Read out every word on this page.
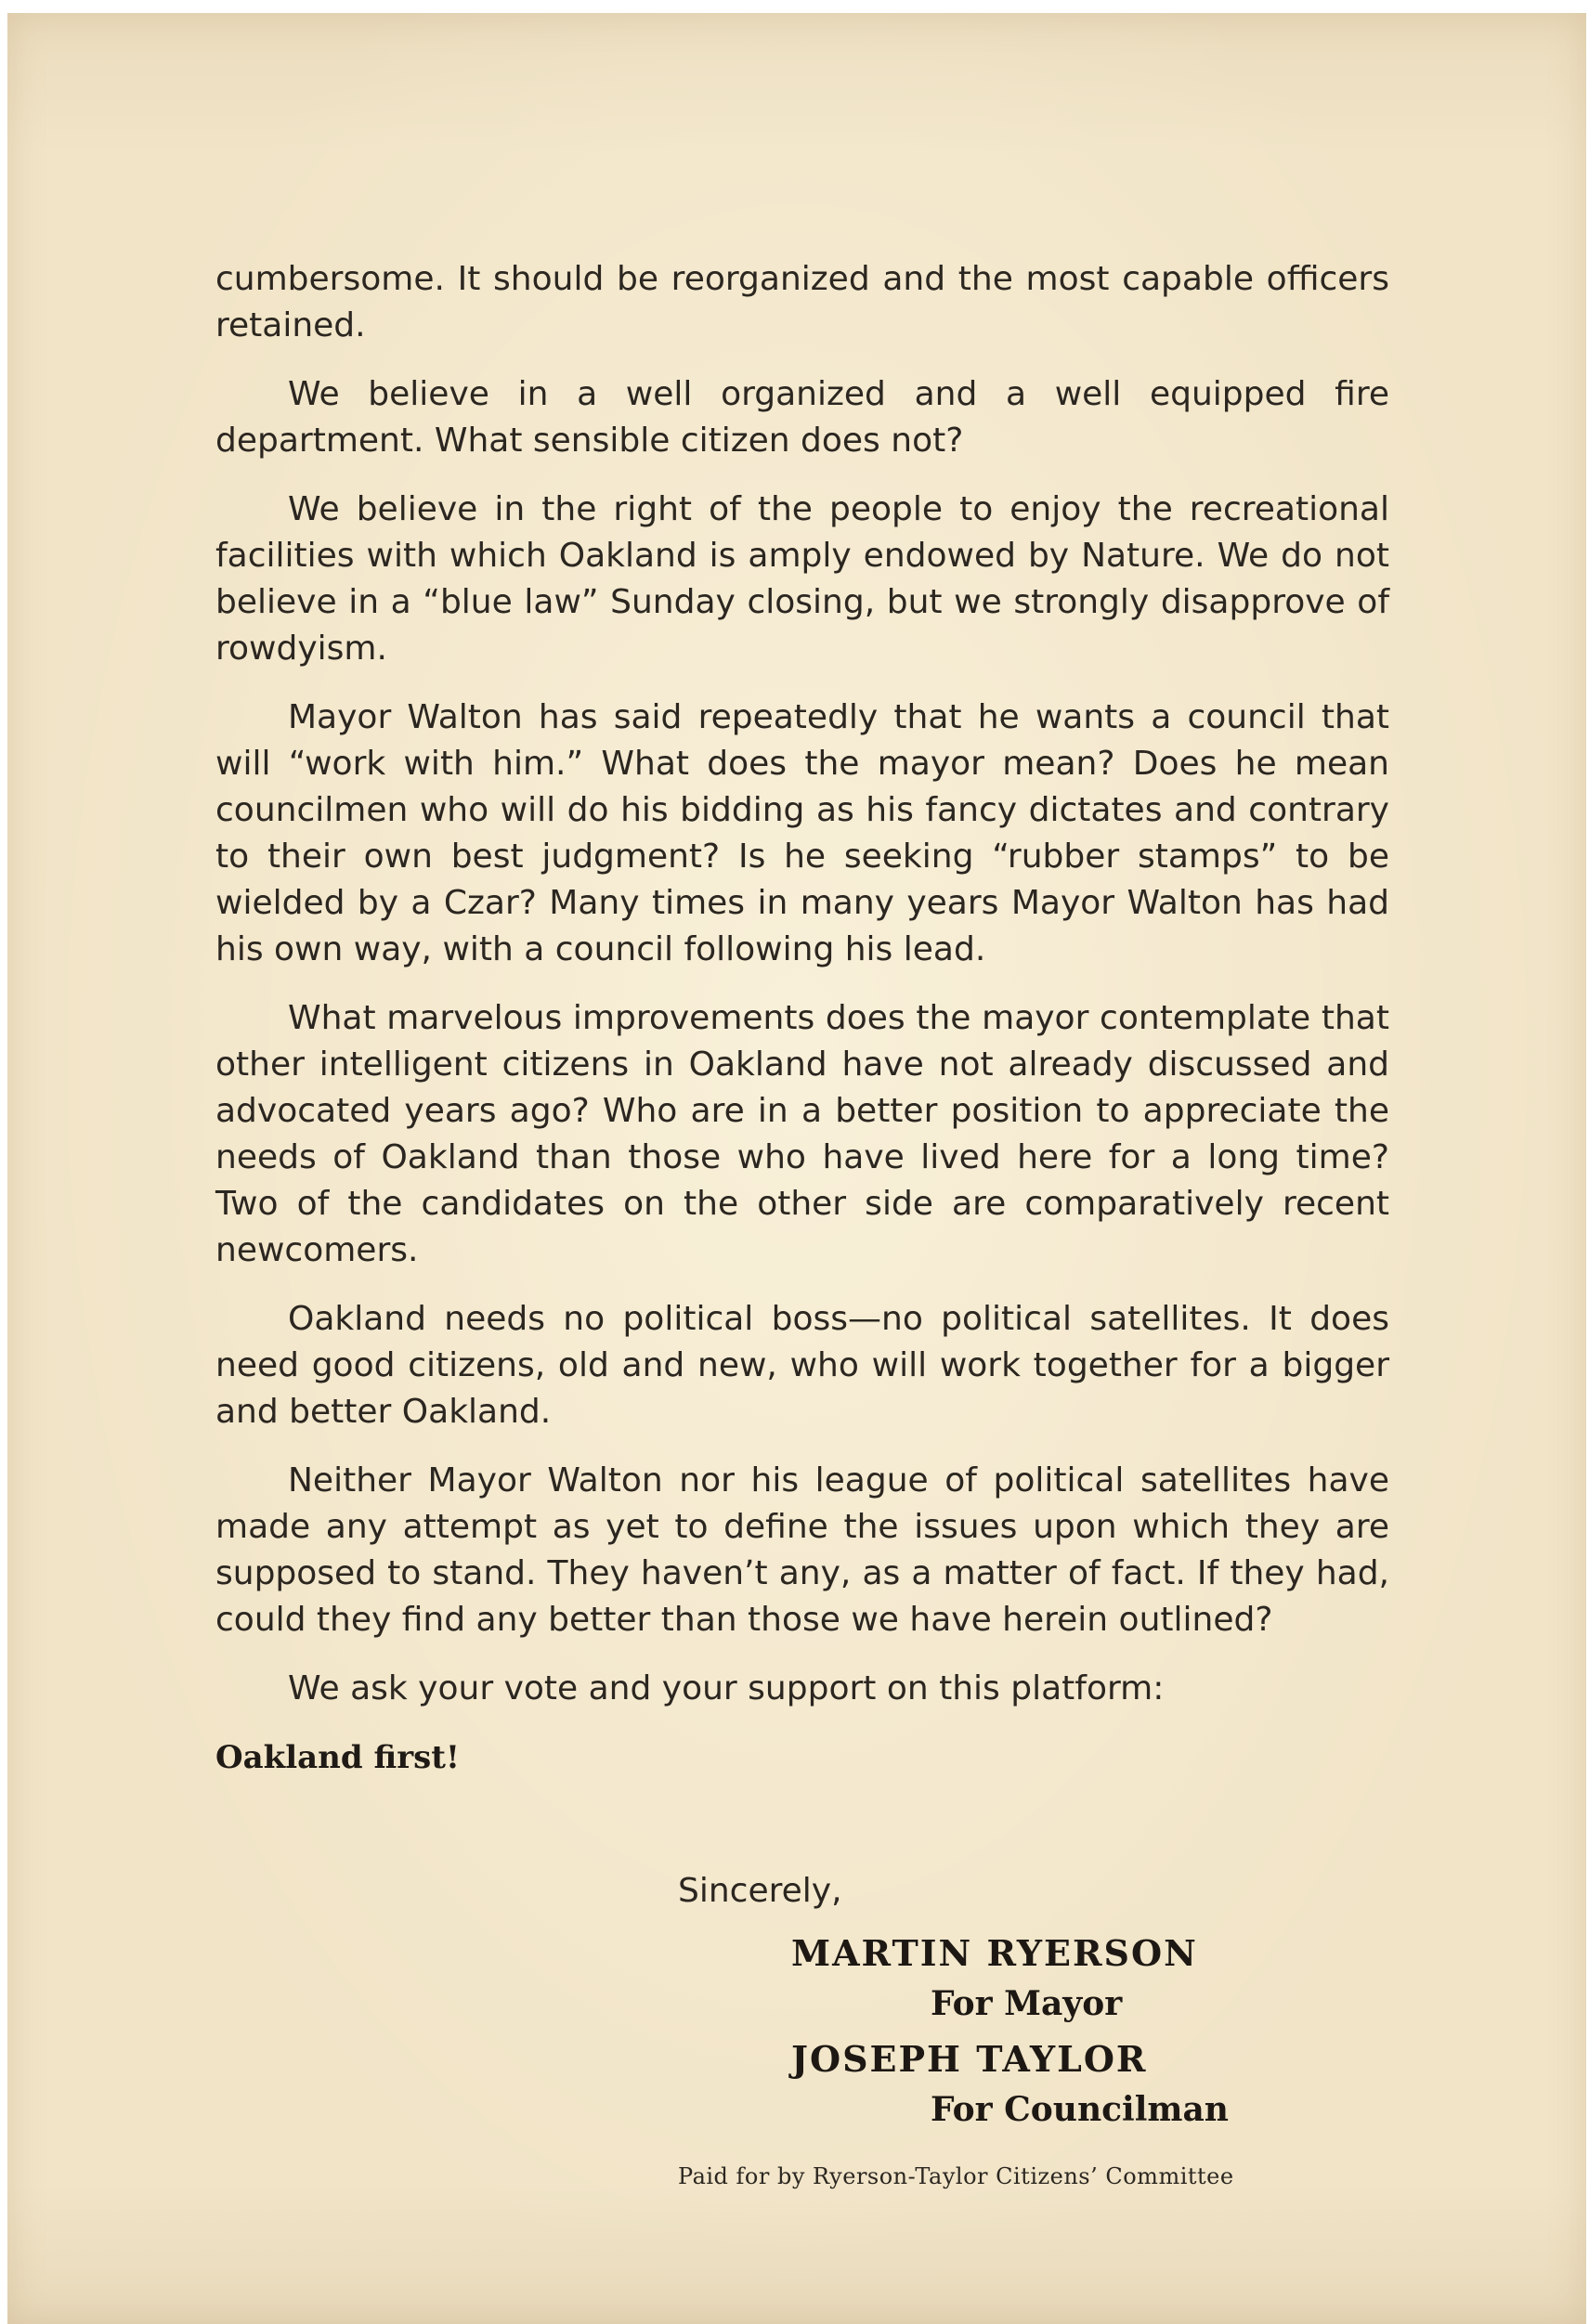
cumbersome. It should be reorganized and the most capable officers retained.

We believe in a well organized and a well equipped fire department. What sensible citizen does not?

We believe in the right of the people to enjoy the recreational facilities with which Oakland is amply endowed by Nature. We do not believe in a “blue law” Sunday closing, but we strongly disapprove of rowdyism.

Mayor Walton has said repeatedly that he wants a council that will “work with him.” What does the mayor mean? Does he mean councilmen who will do his bidding as his fancy dictates and contrary to their own best judgment? Is he seeking “rubber stamps” to be wielded by a Czar? Many times in many years Mayor Walton has had his own way, with a council following his lead.

What marvelous improvements does the mayor contemplate that other intelligent citizens in Oakland have not already discussed and advocated years ago? Who are in a better position to appreciate the needs of Oakland than those who have lived here for a long time? Two of the candidates on the other side are comparatively recent newcomers.

Oakland needs no political boss—no political satellites. It does need good citizens, old and new, who will work together for a bigger and better Oakland.

Neither Mayor Walton nor his league of political satellites have made any attempt as yet to define the issues upon which they are supposed to stand. They haven’t any, as a matter of fact. If they had, could they find any better than those we have herein outlined?

We ask your vote and your support on this platform:

Oakland first!

Sincerely,

MARTIN RYERSON

For Mayor

JOSEPH TAYLOR

For Councilman

Paid for by Ryerson-Taylor Citizens’ Committee
